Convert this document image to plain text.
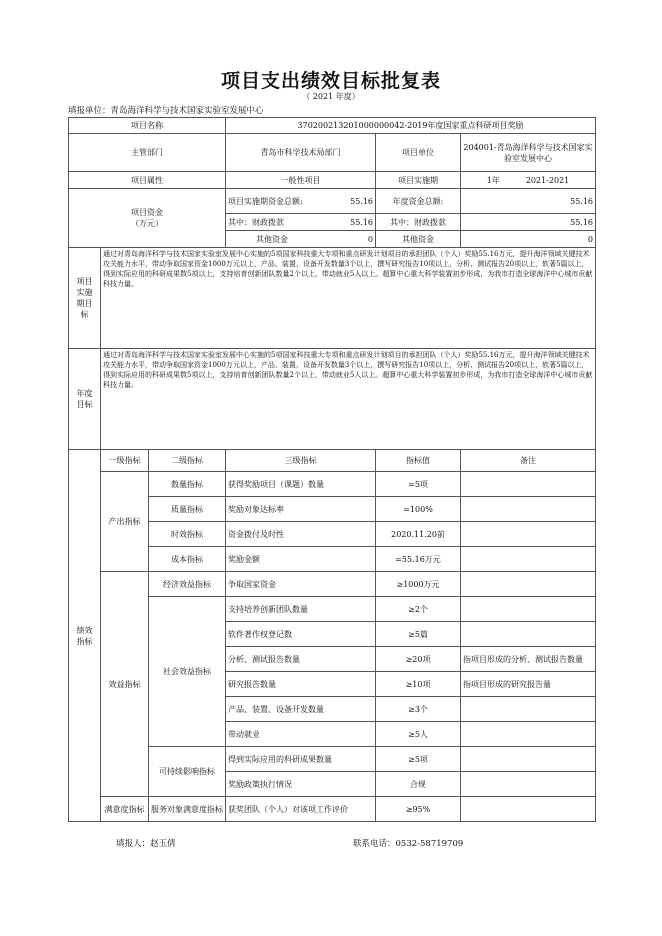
项目支出绩效目标批复表
（ 2021 年度）
填报单位：青岛海洋科学与技术国家实验室发展中心
项目名称			370200213201000000042-2019年度国家重点科研项目奖励		
主管部门			青岛市科学技术局部门	项目单位	204001-青岛海洋科学与技术国家实验室发展中心
项目属性			一般性项目	项目实施期	1年 2021-2021
项目资金
（万元）			项目实施期资金总额: 55.16	年度资金总额:	55.16

			其中：财政拨款 55.16	其中：财政拨款	55.16

			其他资金 0	其他资金	0
项目实施期目标	通过对青岛海洋科学与技术国家实验室发展中心实施的5项国家科技重大专项和重点研发计划项目的承担团队（个人）奖励55.16万元，提升海洋领域关键技术攻关能力水平，带动争取国家资金1000万元以上，产品、装置、设备开发数量3个以上，撰写研究报告10项以上，分析、测试报告20项以上，软著5篇以上，得到实际应用的科研成果数5项以上，支持培育创新团队数量2个以上，带动就业5人以上。超算中心重大科学装置初步形成，为我市打造全球海洋中心城市贡献科技力量。				
年度目标	通过对青岛海洋科学与技术国家实验室发展中心实施的5项国家科技重大专项和重点研发计划项目的承担团队（个人）奖励55.16万元，提升海洋领域关键技术攻关能力水平，带动争取国家资金1000万元以上，产品、装置、设备开发数量3个以上，撰写研究报告10项以上，分析、测试报告20项以上，软著5篇以上，得到实际应用的科研成果数5项以上，支持培育创新团队数量2个以上，带动就业5人以上。超算中心重大科学装置初步形成，为我市打造全球海洋中心城市贡献科技力量。				
绩效指标	一级指标	二级指标	三级指标	指标值	备注
	产出指标	数量指标	获得奖励项目（课题）数量	=5项	
		质量指标	奖励对象达标率	=100%	
		时效指标	资金拨付及时性	2020.11.20前	
		成本指标	奖励金额	=55.16万元	
	效益指标	经济效益指标	争取国家资金	≥1000万元	
		社会效益指标	支持培养创新团队数量	≥2个	
			软件著作权登记数	≥5篇	
			分析、测试报告数量	≥20项	指项目形成的分析、测试报告数量
			研究报告数量	≥10项	指项目形成的研究报告量
			产品、装置、设备开发数量	≥3个	
			带动就业	≥5人	
		可持续影响指标	得到实际应用的科研成果数量	≥5项	
			奖励政策执行情况	合规	
	满意度指标	服务对象满意度指标	获奖团队（个人）对该项工作评价	≥95%	
填报人：赵玉倩	联系电话：0532-58719709
